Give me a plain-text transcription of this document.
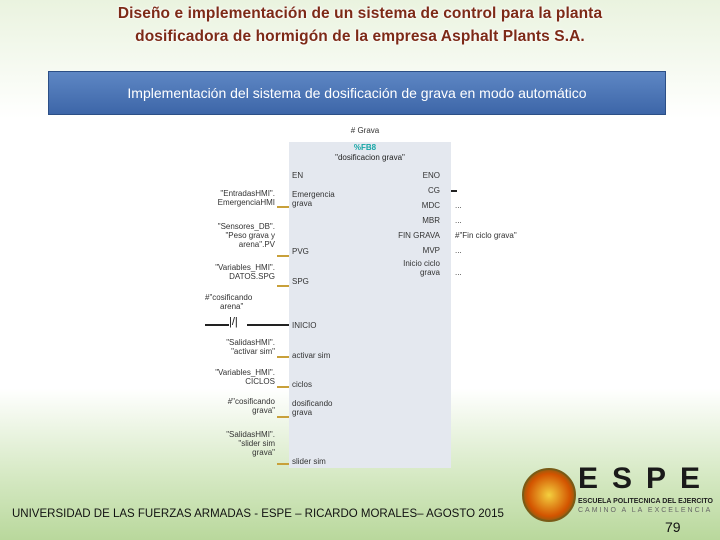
Diseño e implementación de un sistema de control para la planta
dosificadora de hormigón de la empresa Asphalt Plants S.A.
Implementación del sistema de dosificación de grava en modo automático
# Grava
%FB8
"dosificacion grava"
EN	ENO
"EntradasHMI".
EmergenciaHMI
Emergencia
grava
"Sensores_DB".
"Peso grava y
arena".PV
PVG
"Variables_HMI".
DATOS.SPG
SPG
#"cosificando
arena"
|/|	INICIO
"SalidasHMI".
"activar sim" activar sim
"Variables_HMI".
CICLOS ciclos
#"cosificando
grava"
dosificando
grava
"SalidasHMI".
"slider sim
grava"
slider sim
CG
MDC ...
MBR ...
FIN GRAVA #"Fin ciclo grava"
MVP ...
Inicio ciclo
grava ...
ESPE
ESCUELA POLITECNICA DEL EJERCITO
CAMINO A LA EXCELENCIA
UNIVERSIDAD DE LAS FUERZAS ARMADAS - ESPE – RICARDO MORALES– AGOSTO 2015
79
